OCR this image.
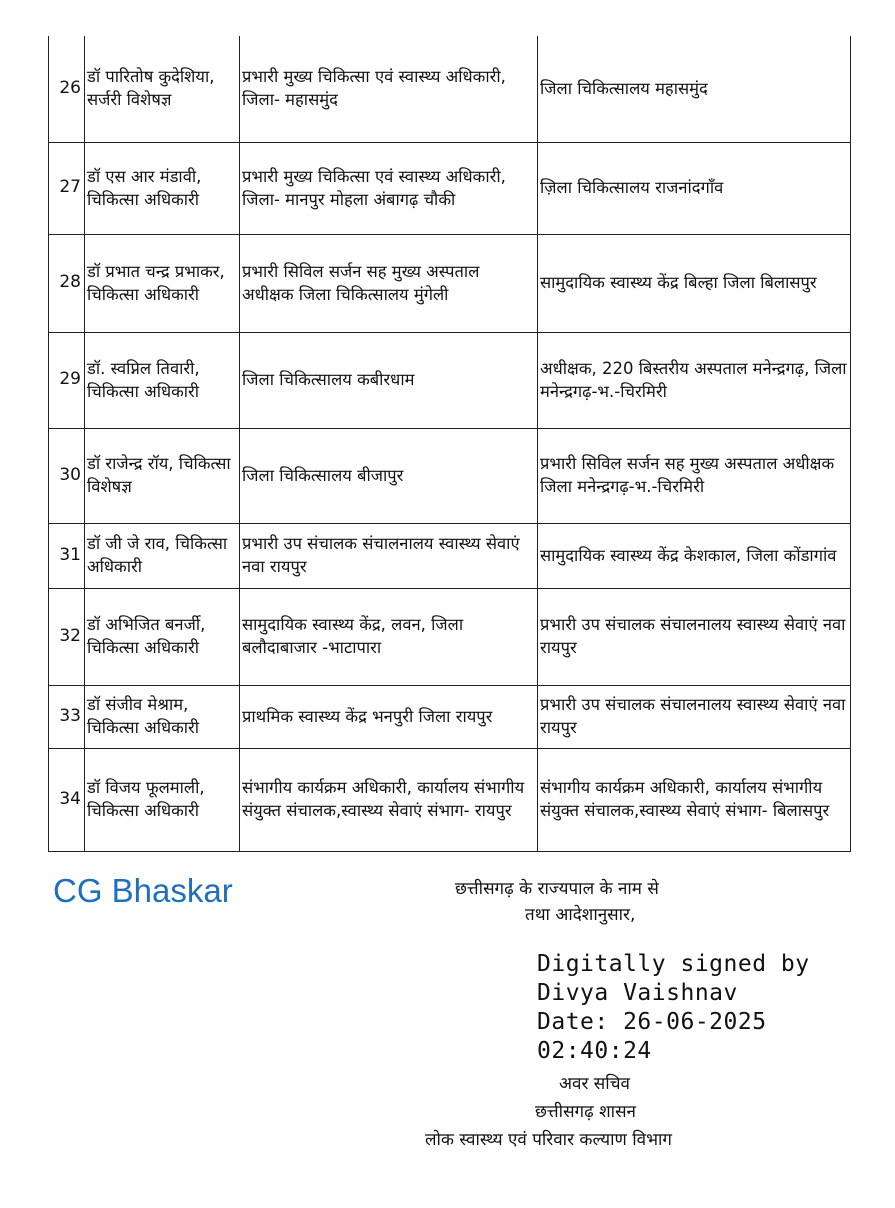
26	डॉ पारितोष कुदेशिया, सर्जरी विशेषज्ञ	प्रभारी मुख्य चिकित्सा एवं स्वास्थ्य अधिकारी, जिला- महासमुंद	जिला चिकित्सालय महासमुंद
27	डॉ एस आर मंडावी, चिकित्सा अधिकारी	प्रभारी मुख्य चिकित्सा एवं स्वास्थ्य अधिकारी, जिला- मानपुर मोहला अंबागढ़ चौकी	ज़िला चिकित्सालय राजनांदगाँव
28	डॉ प्रभात चन्द्र प्रभाकर, चिकित्सा अधिकारी	प्रभारी सिविल सर्जन सह मुख्य अस्पताल अधीक्षक जिला चिकित्सालय मुंगेली	सामुदायिक स्वास्थ्य केंद्र बिल्हा जिला बिलासपुर
29	डॉ. स्वप्निल तिवारी, चिकित्सा अधिकारी	जिला चिकित्सालय कबीरधाम	अधीक्षक, 220 बिस्तरीय अस्पताल मनेन्द्रगढ़, जिला मनेन्द्रगढ़-भ.-चिरमिरी
30	डॉ राजेन्द्र रॉय, चिकित्सा विशेषज्ञ	जिला चिकित्सालय बीजापुर	प्रभारी सिविल सर्जन सह मुख्य अस्पताल अधीक्षक जिला मनेन्द्रगढ़-भ.-चिरमिरी
31	डॉ जी जे राव, चिकित्सा अधिकारी	प्रभारी उप संचालक संचालनालय स्वास्थ्य सेवाएं नवा रायपुर	सामुदायिक स्वास्थ्य केंद्र केशकाल, जिला कोंडागांव
32	डॉ अभिजित बनर्जी, चिकित्सा अधिकारी	सामुदायिक स्वास्थ्य केंद्र, लवन, जिला बलौदाबाजार -भाटापारा	प्रभारी उप संचालक संचालनालय स्वास्थ्य सेवाएं नवा रायपुर
33	डॉ संजीव मेश्राम, चिकित्सा अधिकारी	प्राथमिक स्वास्थ्य केंद्र भनपुरी जिला रायपुर	प्रभारी उप संचालक संचालनालय स्वास्थ्य सेवाएं नवा रायपुर
34	डॉ विजय फूलमाली, चिकित्सा अधिकारी	संभागीय कार्यक्रम अधिकारी, कार्यालय संभागीय संयुक्त संचालक,स्वास्थ्य सेवाएं संभाग- रायपुर	संभागीय कार्यक्रम अधिकारी, कार्यालय संभागीय संयुक्त संचालक,स्वास्थ्य सेवाएं संभाग- बिलासपुर
CG Bhaskar	छत्तीसगढ़ के राज्यपाल के नाम से
तथा आदेशानुसार,
Digitally signed by
Divya Vaishnav
Date: 26-06-2025
02:40:24
अवर सचिव
छत्तीसगढ़ शासन
लोक स्वास्थ्य एवं परिवार कल्याण विभाग
